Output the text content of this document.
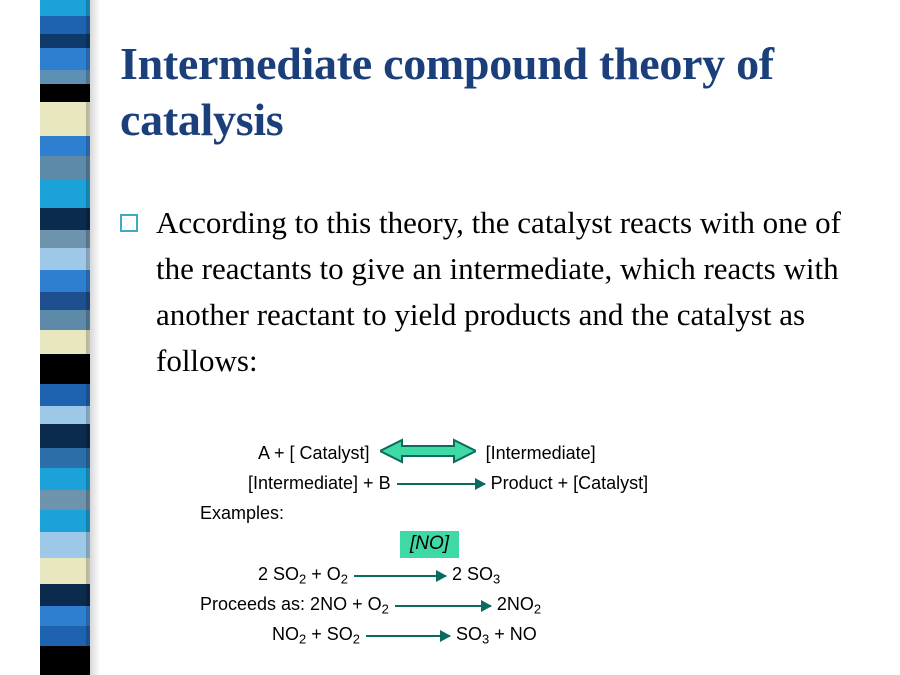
Intermediate compound theory of catalysis
According to this theory, the catalyst reacts with one of the reactants to give an intermediate, which reacts with another reactant to yield products and the catalyst as follows:
A + [ Catalyst]	[Intermediate]
[Intermediate] + B	Product + [Catalyst]
Examples:
[NO]
2 $SO_2 + O_2$	2 $SO_3$
Proceeds as: $2NO + O_2$	$2NO_2$
$NO_2 + SO_2$	$SO_3$ + NO
